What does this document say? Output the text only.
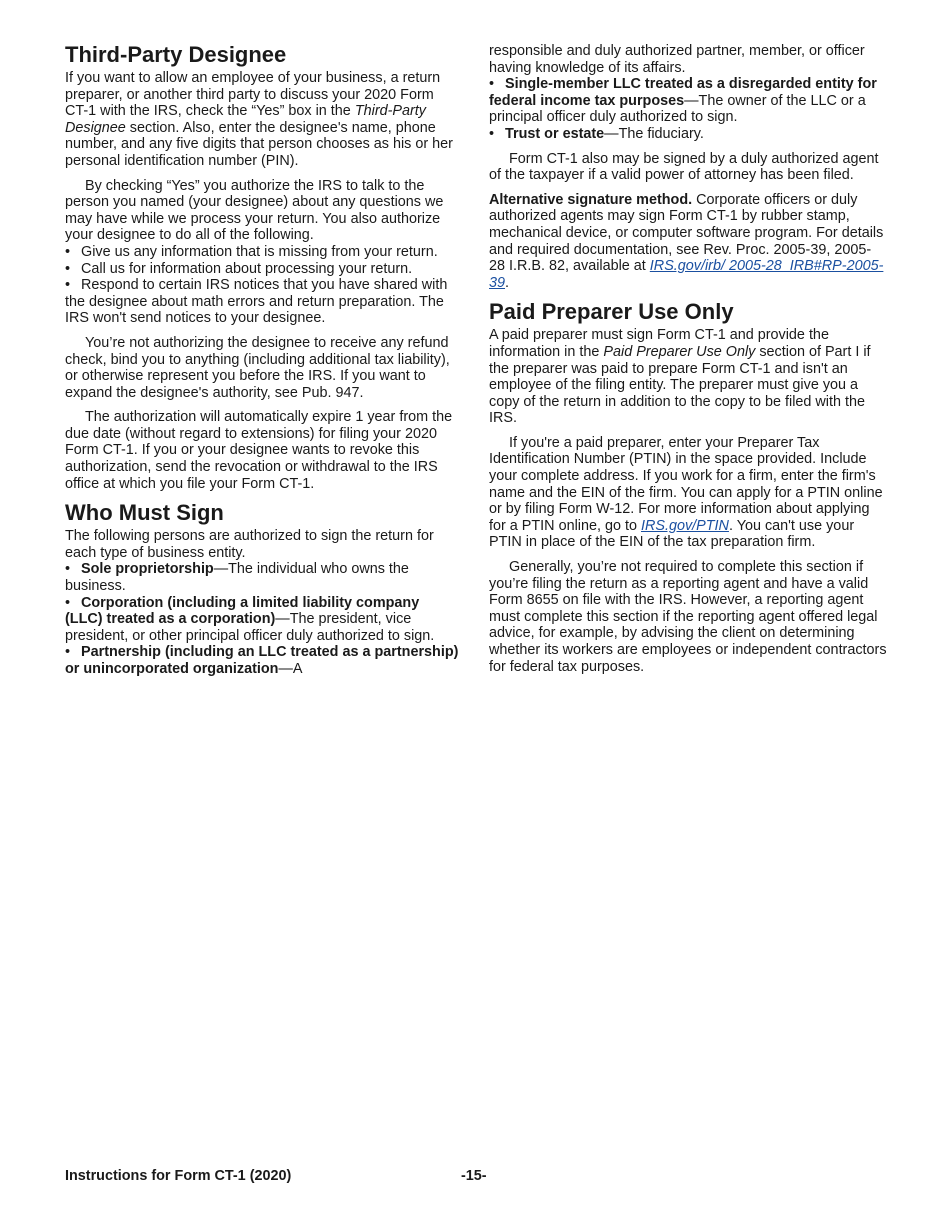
Third-Party Designee

If you want to allow an employee of your business, a return preparer, or another third party to discuss your 2020 Form CT-1 with the IRS, check the “Yes” box in the Third-Party Designee section. Also, enter the designee's name, phone number, and any five digits that person chooses as his or her personal identification number (PIN).

By checking “Yes” you authorize the IRS to talk to the person you named (your designee) about any questions we may have while we process your return. You also authorize your designee to do all of the following.

• Give us any information that is missing from your return.

• Call us for information about processing your return.

• Respond to certain IRS notices that you have shared with the designee about math errors and return preparation. The IRS won't send notices to your designee.

You’re not authorizing the designee to receive any refund check, bind you to anything (including additional tax liability), or otherwise represent you before the IRS. If you want to expand the designee's authority, see Pub. 947.

The authorization will automatically expire 1 year from the due date (without regard to extensions) for filing your 2020 Form CT-1. If you or your designee wants to revoke this authorization, send the revocation or withdrawal to the IRS office at which you file your Form CT-1.

Who Must Sign

The following persons are authorized to sign the return for each type of business entity.

• Sole proprietorship—The individual who owns the business.

• Corporation (including a limited liability company (LLC) treated as a corporation)—The president, vice president, or other principal officer duly authorized to sign.

• Partnership (including an LLC treated as a partnership) or unincorporated organization—A

responsible and duly authorized partner, member, or officer having knowledge of its affairs.

• Single-member LLC treated as a disregarded entity for federal income tax purposes—The owner of the LLC or a principal officer duly authorized to sign.

• Trust or estate—The fiduciary.

Form CT-1 also may be signed by a duly authorized agent of the taxpayer if a valid power of attorney has been filed.

Alternative signature method. Corporate officers or duly authorized agents may sign Form CT-1 by rubber stamp, mechanical device, or computer software program. For details and required documentation, see Rev. Proc. 2005-39, 2005-28 I.R.B. 82, available at IRS.gov/irb/ 2005-28_IRB#RP-2005-39.

Paid Preparer Use Only

A paid preparer must sign Form CT-1 and provide the information in the Paid Preparer Use Only section of Part I if the preparer was paid to prepare Form CT-1 and isn't an employee of the filing entity. The preparer must give you a copy of the return in addition to the copy to be filed with the IRS.

If you're a paid preparer, enter your Preparer Tax Identification Number (PTIN) in the space provided. Include your complete address. If you work for a firm, enter the firm's name and the EIN of the firm. You can apply for a PTIN online or by filing Form W-12. For more information about applying for a PTIN online, go to IRS.gov/PTIN. You can't use your PTIN in place of the EIN of the tax preparation firm.

Generally, you’re not required to complete this section if you’re filing the return as a reporting agent and have a valid Form 8655 on file with the IRS. However, a reporting agent must complete this section if the reporting agent offered legal advice, for example, by advising the client on determining whether its workers are employees or independent contractors for federal tax purposes.

Instructions for Form CT-1 (2020)	-15-
